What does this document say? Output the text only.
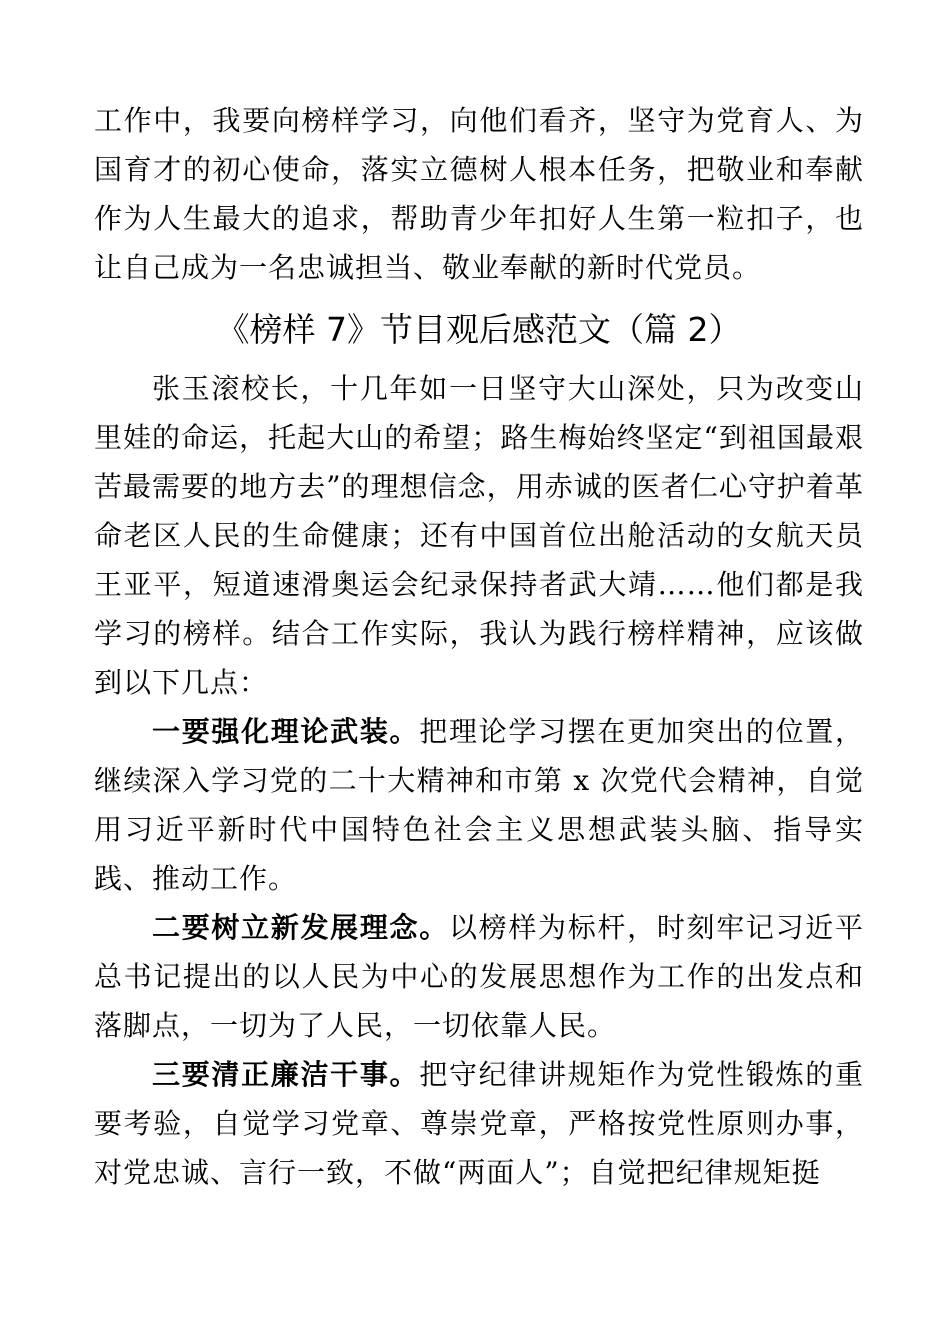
工作中，我要向榜样学习，向他们看齐，坚守为党育人、为国育才的初心使命，落实立德树人根本任务，把敬业和奉献作为人生最大的追求，帮助青少年扣好人生第一粒扣子，也让自己成为一名忠诚担当、敬业奉献的新时代党员。

《榜样 7》节目观后感范文（篇 2）

张玉滚校长，十几年如一日坚守大山深处，只为改变山里娃的命运，托起大山的希望；路生梅始终坚定“到祖国最艰苦最需要的地方去”的理想信念，用赤诚的医者仁心守护着革命老区人民的生命健康；还有中国首位出舱活动的女航天员王亚平，短道速滑奥运会纪录保持者武大靖……他们都是我学习的榜样。结合工作实际，我认为践行榜样精神，应该做到以下几点：

一要强化理论武装。把理论学习摆在更加突出的位置，继续深入学习党的二十大精神和市第 x 次党代会精神，自觉用习近平新时代中国特色社会主义思想武装头脑、指导实践、推动工作。

二要树立新发展理念。以榜样为标杆，时刻牢记习近平总书记提出的以人民为中心的发展思想作为工作的出发点和落脚点，一切为了人民，一切依靠人民。

三要清正廉洁干事。把守纪律讲规矩作为党性锻炼的重要考验，自觉学习党章、尊崇党章，严格按党性原则办事，对党忠诚、言行一致，不做“两面人”；自觉把纪律规矩挺
